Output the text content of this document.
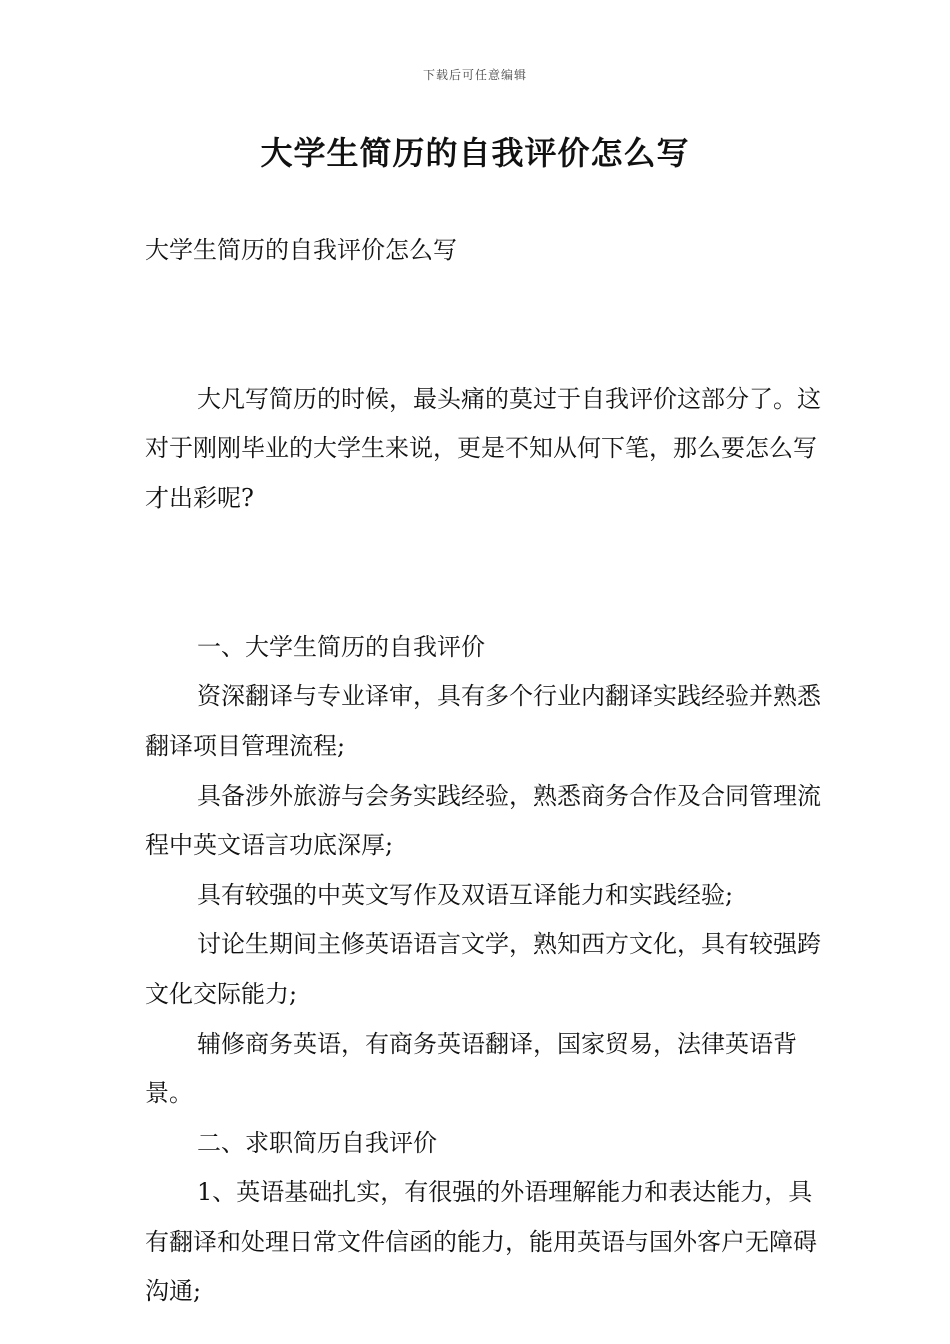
下载后可任意编辑
大学生简历的自我评价怎么写

大学生简历的自我评价怎么写

大凡写简历的时候，最头痛的莫过于自我评价这部分了。这对于刚刚毕业的大学生来说，更是不知从何下笔，那么要怎么写才出彩呢?

一、大学生简历的自我评价

资深翻译与专业译审，具有多个行业内翻译实践经验并熟悉翻译项目管理流程;

具备涉外旅游与会务实践经验，熟悉商务合作及合同管理流程中英文语言功底深厚;

具有较强的中英文写作及双语互译能力和实践经验;

讨论生期间主修英语语言文学，熟知西方文化，具有较强跨文化交际能力;

辅修商务英语，有商务英语翻译，国家贸易，法律英语背景。

二、求职简历自我评价

1、英语基础扎实，有很强的外语理解能力和表达能力，具有翻译和处理日常文件信函的能力，能用英语与国外客户无障碍沟通;
